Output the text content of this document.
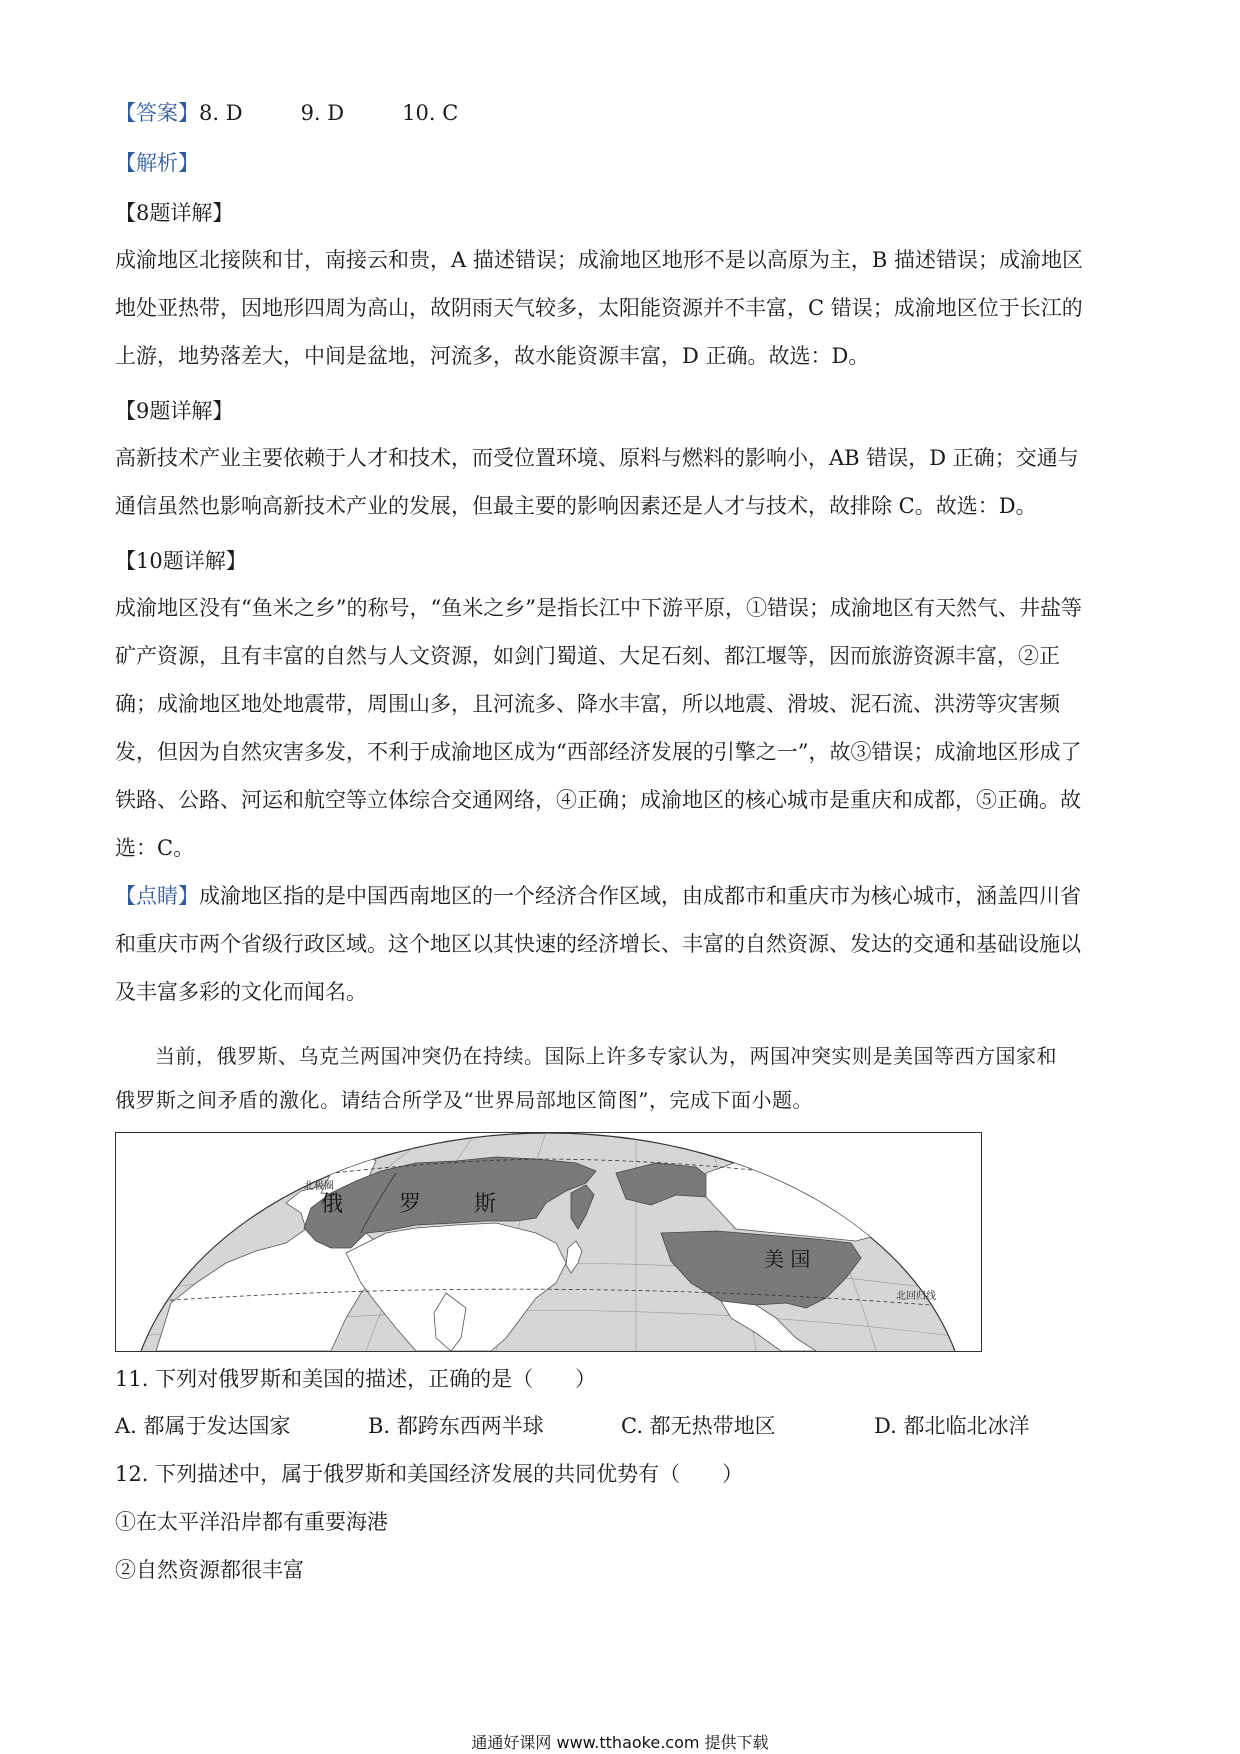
【答案】8. D	9. D	10. C

【解析】

【8题详解】

成渝地区北接陕和甘，南接云和贵，A 描述错误；成渝地区地形不是以高原为主，B 描述错误；成渝地区

地处亚热带，因地形四周为高山，故阴雨天气较多，太阳能资源并不丰富，C 错误；成渝地区位于长江的

上游，地势落差大，中间是盆地，河流多，故水能资源丰富，D 正确。故选：D。

【9题详解】

高新技术产业主要依赖于人才和技术，而受位置环境、原料与燃料的影响小，AB 错误，D 正确；交通与

通信虽然也影响高新技术产业的发展，但最主要的影响因素还是人才与技术，故排除 C。故选：D。

【10题详解】

成渝地区没有“鱼米之乡”的称号，“鱼米之乡”是指长江中下游平原，①错误；成渝地区有天然气、井盐等

矿产资源，且有丰富的自然与人文资源，如剑门蜀道、大足石刻、都江堰等，因而旅游资源丰富，②正

确；成渝地区地处地震带，周围山多，且河流多、降水丰富，所以地震、滑坡、泥石流、洪涝等灾害频

发，但因为自然灾害多发，不利于成渝地区成为“西部经济发展的引擎之一”，故③错误；成渝地区形成了

铁路、公路、河运和航空等立体综合交通网络，④正确；成渝地区的核心城市是重庆和成都，⑤正确。故

选：C。

【点睛】成渝地区指的是中国西南地区的一个经济合作区域，由成都市和重庆市为核心城市，涵盖四川省

和重庆市两个省级行政区域。这个地区以其快速的经济增长、丰富的自然资源、发达的交通和基础设施以

及丰富多彩的文化而闻名。

当前，俄罗斯、乌克兰两国冲突仍在持续。国际上许多专家认为，两国冲突实则是美国等西方国家和

俄罗斯之间矛盾的激化。请结合所学及“世界局部地区简图”，完成下面小题。

俄	罗 斯
美 国
北极圈
北回归线

11. 下列对俄罗斯和美国的描述，正确的是（　　）

A. 都属于发达国家	B. 都跨东西两半球	C. 都无热带地区	D. 都北临北冰洋

12. 下列描述中，属于俄罗斯和美国经济发展的共同优势有（　　）

①在太平洋沿岸都有重要海港

②自然资源都很丰富

通通好课网 www.tthaoke.com 提供下载
